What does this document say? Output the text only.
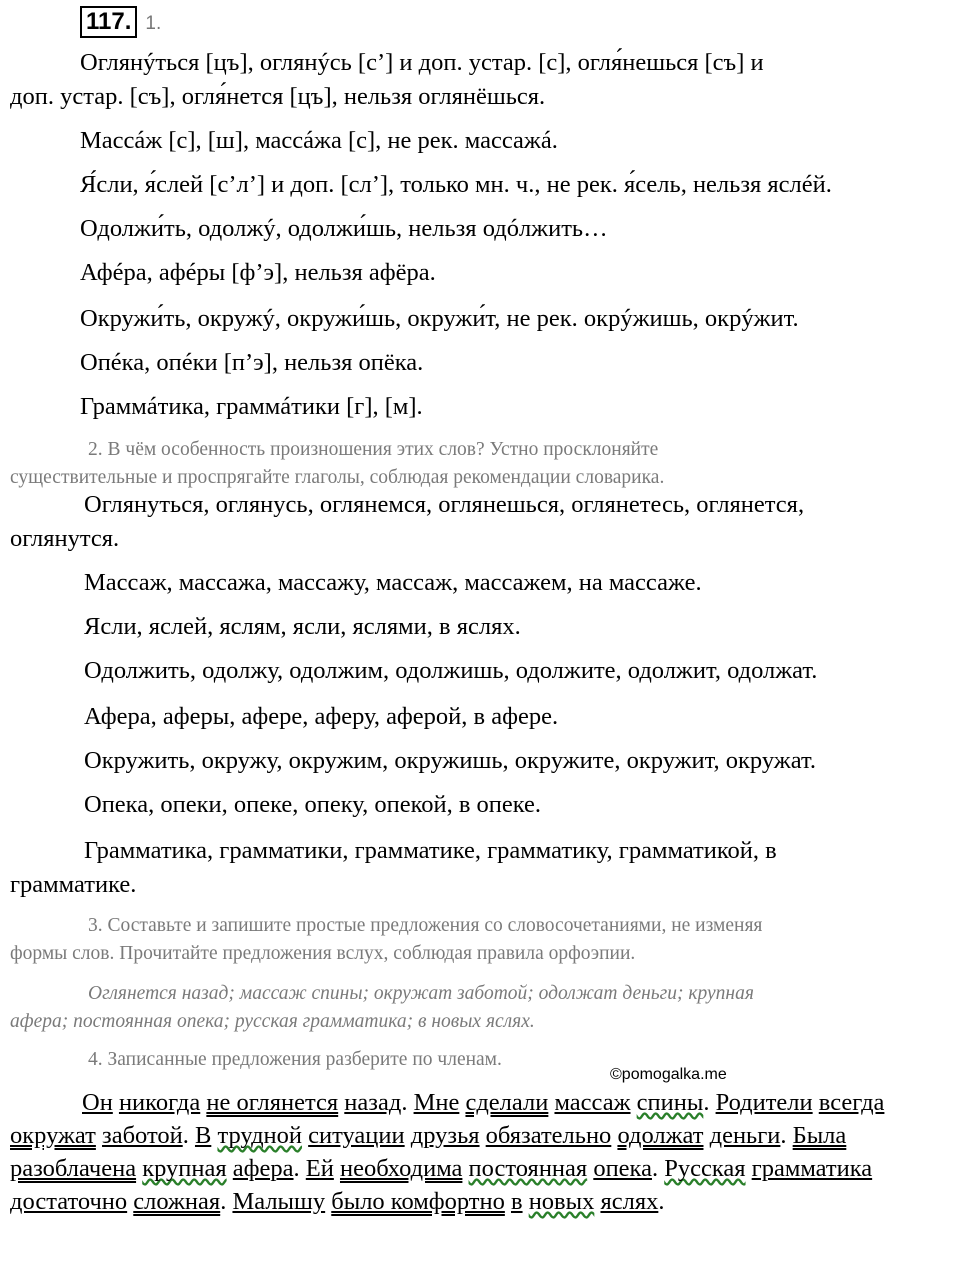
117. 1.
Оглянýться [цъ], оглянýсь [с’] и доп. устар. [с], огля́нешься [съ] и
доп. устар. [съ], огля́нется [цъ], нельзя оглянёшься.
Массáж [с], [ш], массáжа [с], не рек. массажá.
Я́сли, я́слей [с’л’] и доп. [сл’], только мн. ч., не рек. я́сель, нельзя яслéй.
Одолжи́ть, одолжý, одолжи́шь, нельзя одóлжить…
Афéра, афéры [ф’э], нельзя афёра.
Окружи́ть, окружý, окружи́шь, окружи́т, не рек. окрýжишь, окрýжит.
Опéка, опéки [п’э], нельзя опёка.
Граммáтика, граммáтики [г], [м].
2. В чём особенность произношения этих слов? Устно просклоняйте
существительные и проспрягайте глаголы, соблюдая рекомендации словарика.
Оглянуться, оглянусь, оглянемся, оглянешься, оглянетесь, оглянется,
оглянутся.
Массаж, массажа, массажу, массаж, массажем, на массаже.
Ясли, яслей, яслям, ясли, яслями, в яслях.
Одолжить, одолжу, одолжим, одолжишь, одолжите, одолжит, одолжат.
Афера, аферы, афере, аферу, аферой, в афере.
Окружить, окружу, окружим, окружишь, окружите, окружит, окружат.
Опека, опеки, опеке, опеку, опекой, в опеке.
Грамматика, грамматики, грамматике, грамматику, грамматикой, в
грамматике.
3. Составьте и запишите простые предложения со словосочетаниями, не изменяя
формы слов. Прочитайте предложения вслух, соблюдая правила орфоэпии.
Оглянется назад; массаж спины; окружат заботой; одолжат деньги; крупная
афера; постоянная опека; русская грамматика; в новых яслях.
4. Записанные предложения разберите по членам.
©pomogalka.me
Он никогда не оглянется назад. Мне сделали массаж спины. Родители всегда окружат заботой. В трудной ситуации друзья обязательно одолжат деньги. Была разоблачена крупная афера. Ей необходима постоянная опека. Русская грамматика достаточно сложная. Малышу было комфортно в новых яслях.
